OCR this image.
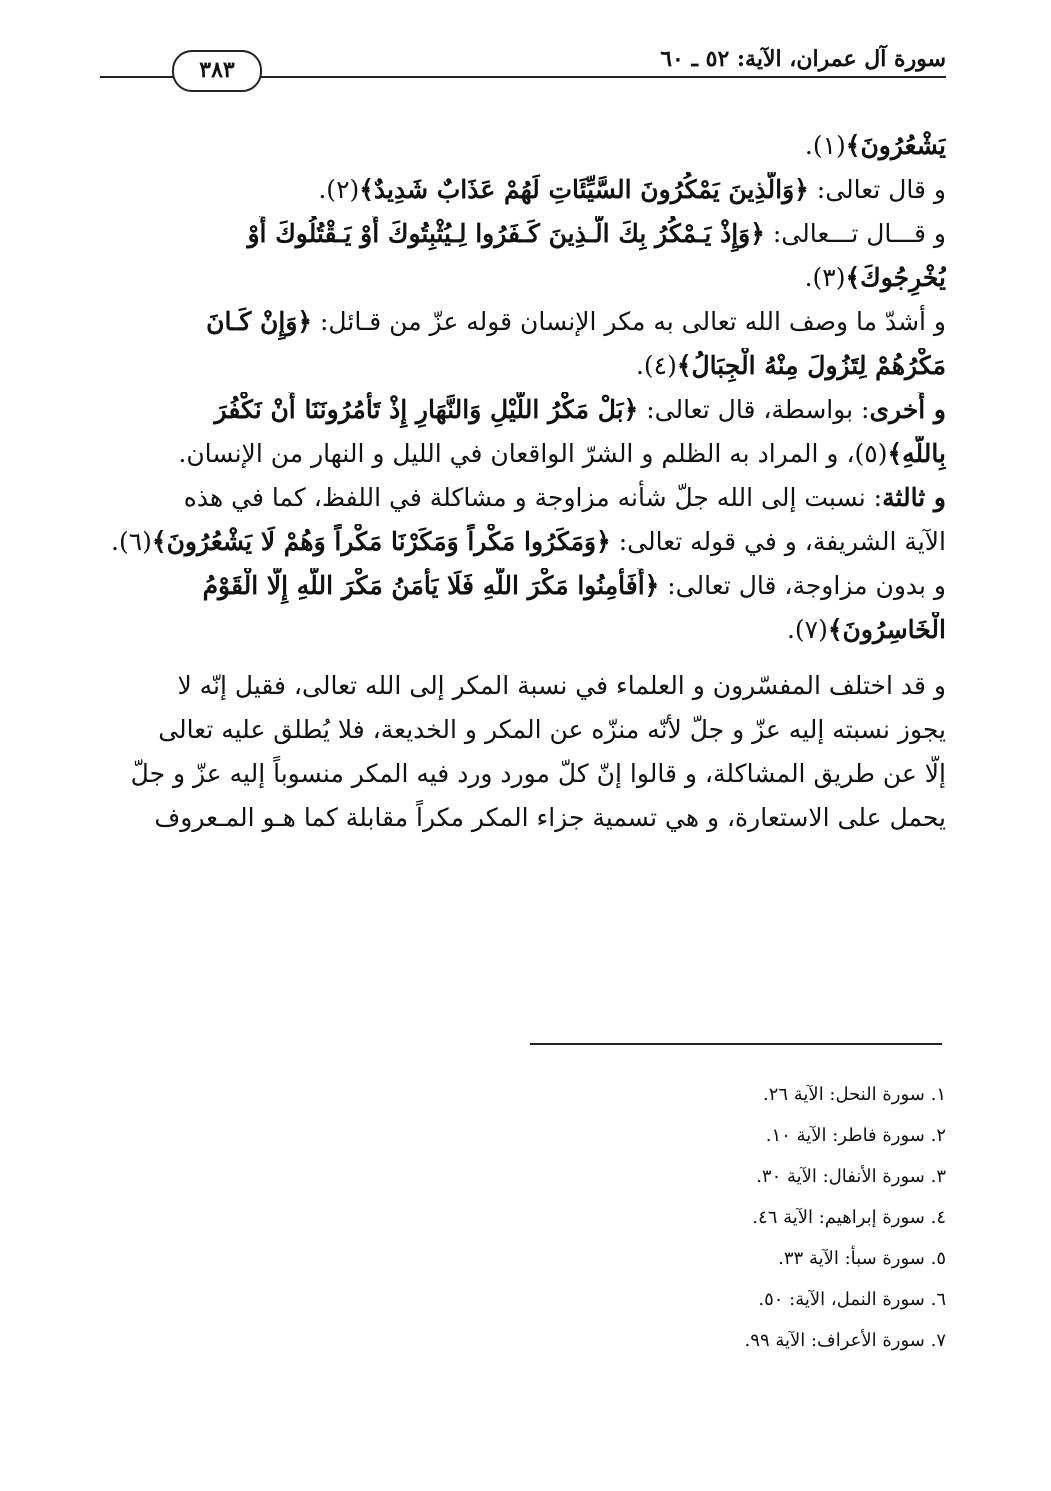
سورة آل عمران، الآية: ٥٢ ـ ٦٠
٣٨٣
يَشْعُرُونَ﴾(١).
و قال تعالى: ﴿وَالَّذِينَ يَمْكُرُونَ السَّيِّئَاتِ لَهُمْ عَذَابٌ شَدِيدٌ﴾(٢).
و قـــال تـــعالى: ﴿وَإِذْ يَـمْكُرُ بِكَ الَّـذِينَ كَـفَرُوا لِـيُثْبِتُوكَ أَوْ يَـقْتُلُوكَ أَوْ
يُخْرِجُوكَ﴾(٣).
و أشدّ ما وصف الله تعالى به مكر الإنسان قوله عزّ من قـائل: ﴿وَإِنْ كَـانَ
مَكْرُهُمْ لِتَزُولَ مِنْهُ الْجِبَالُ﴾(٤).
و أُخرى: بواسطة، قال تعالى: ﴿بَلْ مَكْرُ اللَّيْلِ وَالنَّهَارِ إِذْ تَأْمُرُونَنَا أَنْ نَكْفُرَ
بِاللَّهِ﴾(٥)، و المراد به الظلم و الشرّ الواقعان في الليل و النهار من الإنسان.
و ثالثة: نسبت إلى الله جلّ شأنه مزاوجة و مشاكلة في اللفظ، كما في هذه
الآية الشريفة، و في قوله تعالى: ﴿وَمَكَرُوا مَكْراً وَمَكَرْنَا مَكْراً وَهُمْ لَا يَشْعُرُونَ﴾(٦).
و بدون مزاوجة، قال تعالى: ﴿أَفَأَمِنُوا مَكْرَ اللَّهِ فَلَا يَأْمَنُ مَكْرَ اللَّهِ إِلَّا الْقَوْمُ
الْخَاسِرُونَ﴾(٧).
و قد اختلف المفسّرون و العلماء في نسبة المكر إلى الله تعالى، فقيل إنّه لا
يجوز نسبته إليه عزّ و جلّ لأنّه منزّه عن المكر و الخديعة، فلا يُطلق عليه تعالى
إلّا عن طريق المشاكلة، و قالوا إنّ كلّ مورد ورد فيه المكر منسوباً إليه عزّ و جلّ
يحمل على الاستعارة، و هي تسمية جزاء المكر مكراً مقابلة كما هـو المـعروف
١. سورة النحل: الآية ٢٦.
٢. سورة فاطر: الآية ١٠.
٣. سورة الأنفال: الآية ٣٠.
٤. سورة إبراهيم: الآية ٤٦.
٥. سورة سبأ: الآية ٣٣.
٦. سورة النمل، الآية: ٥٠.
٧. سورة الأعراف: الآية ٩٩.
